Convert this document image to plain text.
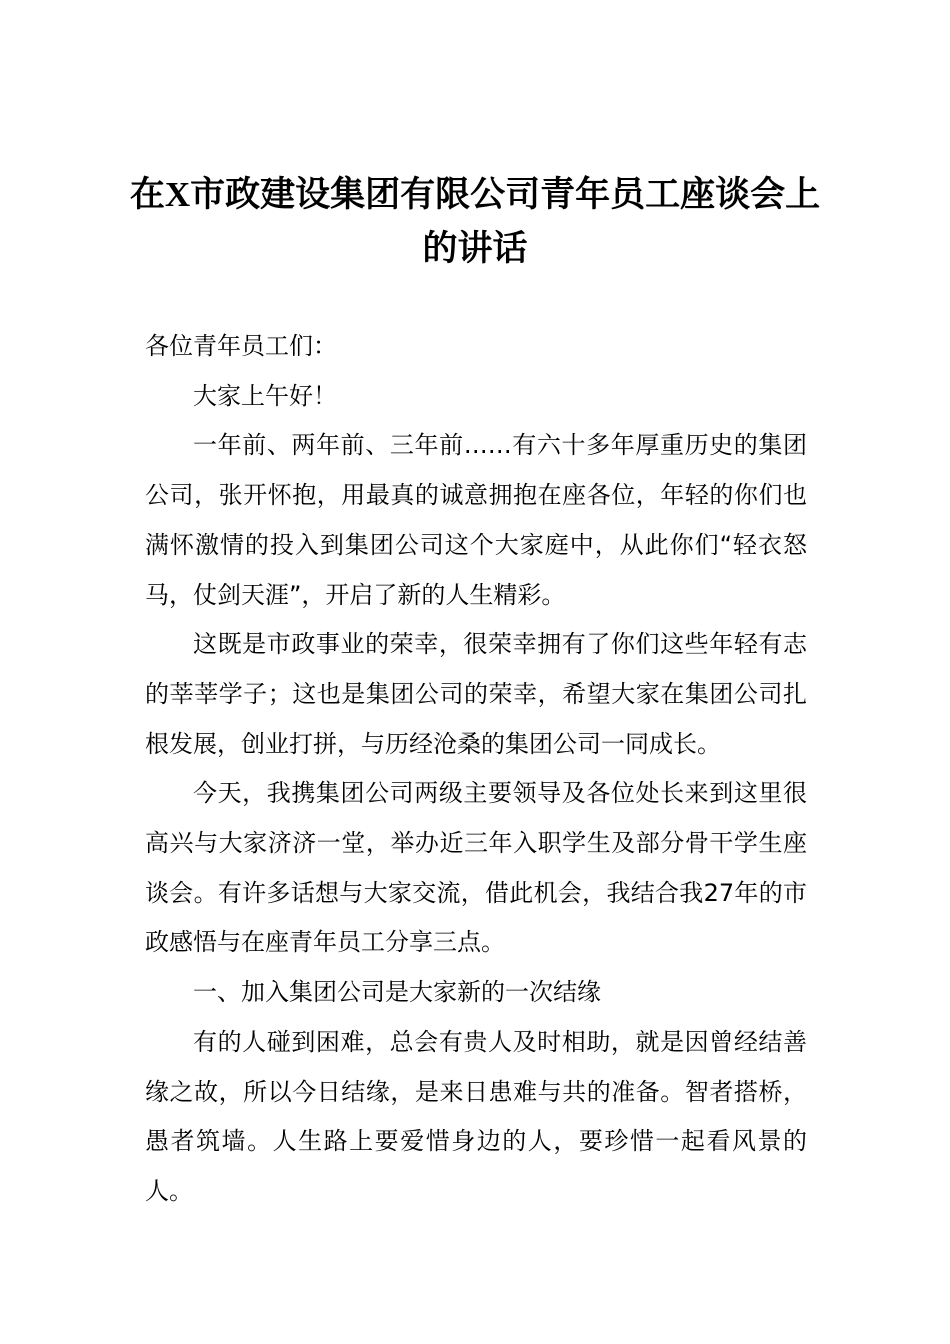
在X市政建设集团有限公司青年员工座谈会上的讲话

各位青年员工们：

大家上午好！

一年前、两年前、三年前……有六十多年厚重历史的集团公司，张开怀抱，用最真的诚意拥抱在座各位，年轻的你们也满怀激情的投入到集团公司这个大家庭中，从此你们“轻衣怒马，仗剑天涯”，开启了新的人生精彩。

这既是市政事业的荣幸，很荣幸拥有了你们这些年轻有志的莘莘学子；这也是集团公司的荣幸，希望大家在集团公司扎根发展，创业打拼，与历经沧桑的集团公司一同成长。

今天，我携集团公司两级主要领导及各位处长来到这里很高兴与大家济济一堂，举办近三年入职学生及部分骨干学生座谈会。有许多话想与大家交流，借此机会，我结合我27年的市政感悟与在座青年员工分享三点。

一、加入集团公司是大家新的一次结缘

有的人碰到困难，总会有贵人及时相助，就是因曾经结善缘之故，所以今日结缘，是来日患难与共的准备。智者搭桥，愚者筑墙。人生路上要爱惜身边的人，要珍惜一起看风景的人。
